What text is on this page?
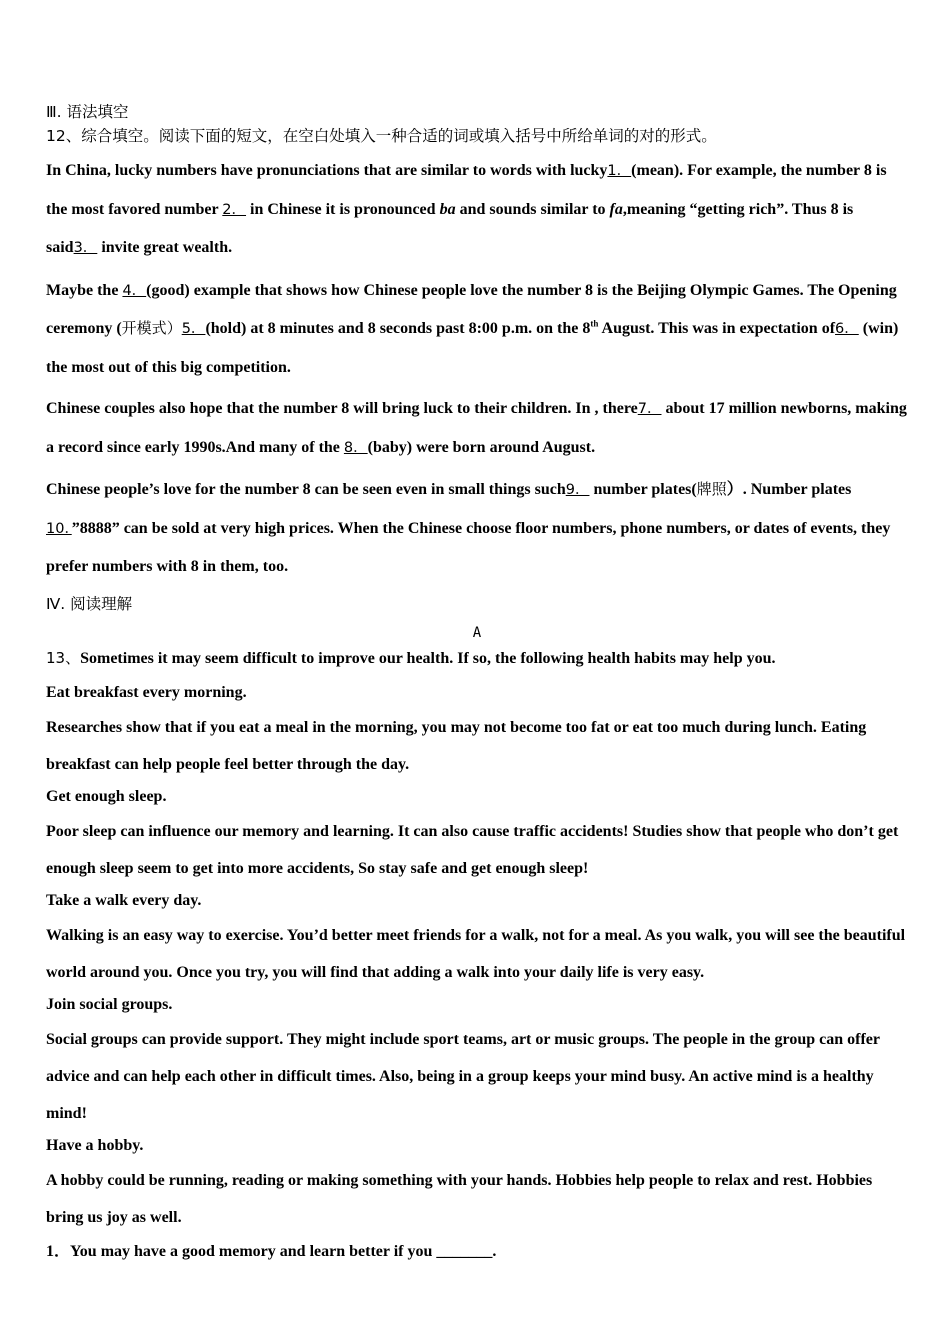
Ⅲ. 语法填空
12、综合填空。阅读下面的短文，在空白处填入一种合适的词或填入括号中所给单词的对的形式。

In China, lucky numbers have pronunciations that are similar to words with lucky1．(mean). For example, the number 8 is the most favored number 2． in Chinese it is pronounced ba and sounds similar to fa,meaning “getting rich”. Thus 8 is said3． invite great wealth.

Maybe the 4．(good) example that shows how Chinese people love the number 8 is the Beijing Olympic Games. The Opening ceremony (开模式）5．(hold) at 8 minutes and 8 seconds past 8:00 p.m. on the 8th August. This was in expectation of6． (win) the most out of this big competition.

Chinese couples also hope that the number 8 will bring luck to their children. In , there7． about 17 million newborns, making a record since early 1990s.And many of the 8．(baby) were born around August.

Chinese people’s love for the number 8 can be seen even in small things such9． number plates(牌照）. Number plates 10．”8888” can be sold at very high prices. When the Chinese choose floor numbers, phone numbers, or dates of events, they prefer numbers with 8 in them, too.

Ⅳ. 阅读理解
A
13、Sometimes it may seem difficult to improve our health. If so, the following health habits may help you.
Eat breakfast every morning.

Researches show that if you eat a meal in the morning, you may not become too fat or eat too much during lunch. Eating breakfast can help people feel better through the day.

Get enough sleep.

Poor sleep can influence our memory and learning. It can also cause traffic accidents! Studies show that people who don’t get enough sleep seem to get into more accidents, So stay safe and get enough sleep!

Take a walk every day.

Walking is an easy way to exercise. You’d better meet friends for a walk, not for a meal. As you walk, you will see the beautiful world around you. Once you try, you will find that adding a walk into your daily life is very easy.

Join social groups.

Social groups can provide support. They might include sport teams, art or music groups. The people in the group can offer advice and can help each other in difficult times. Also, being in a group keeps your mind busy. An active mind is a healthy mind!

Have a hobby.

A hobby could be running, reading or making something with your hands. Hobbies help people to relax and rest. Hobbies bring us joy as well.

1．You may have a good memory and learn better if you _______.
